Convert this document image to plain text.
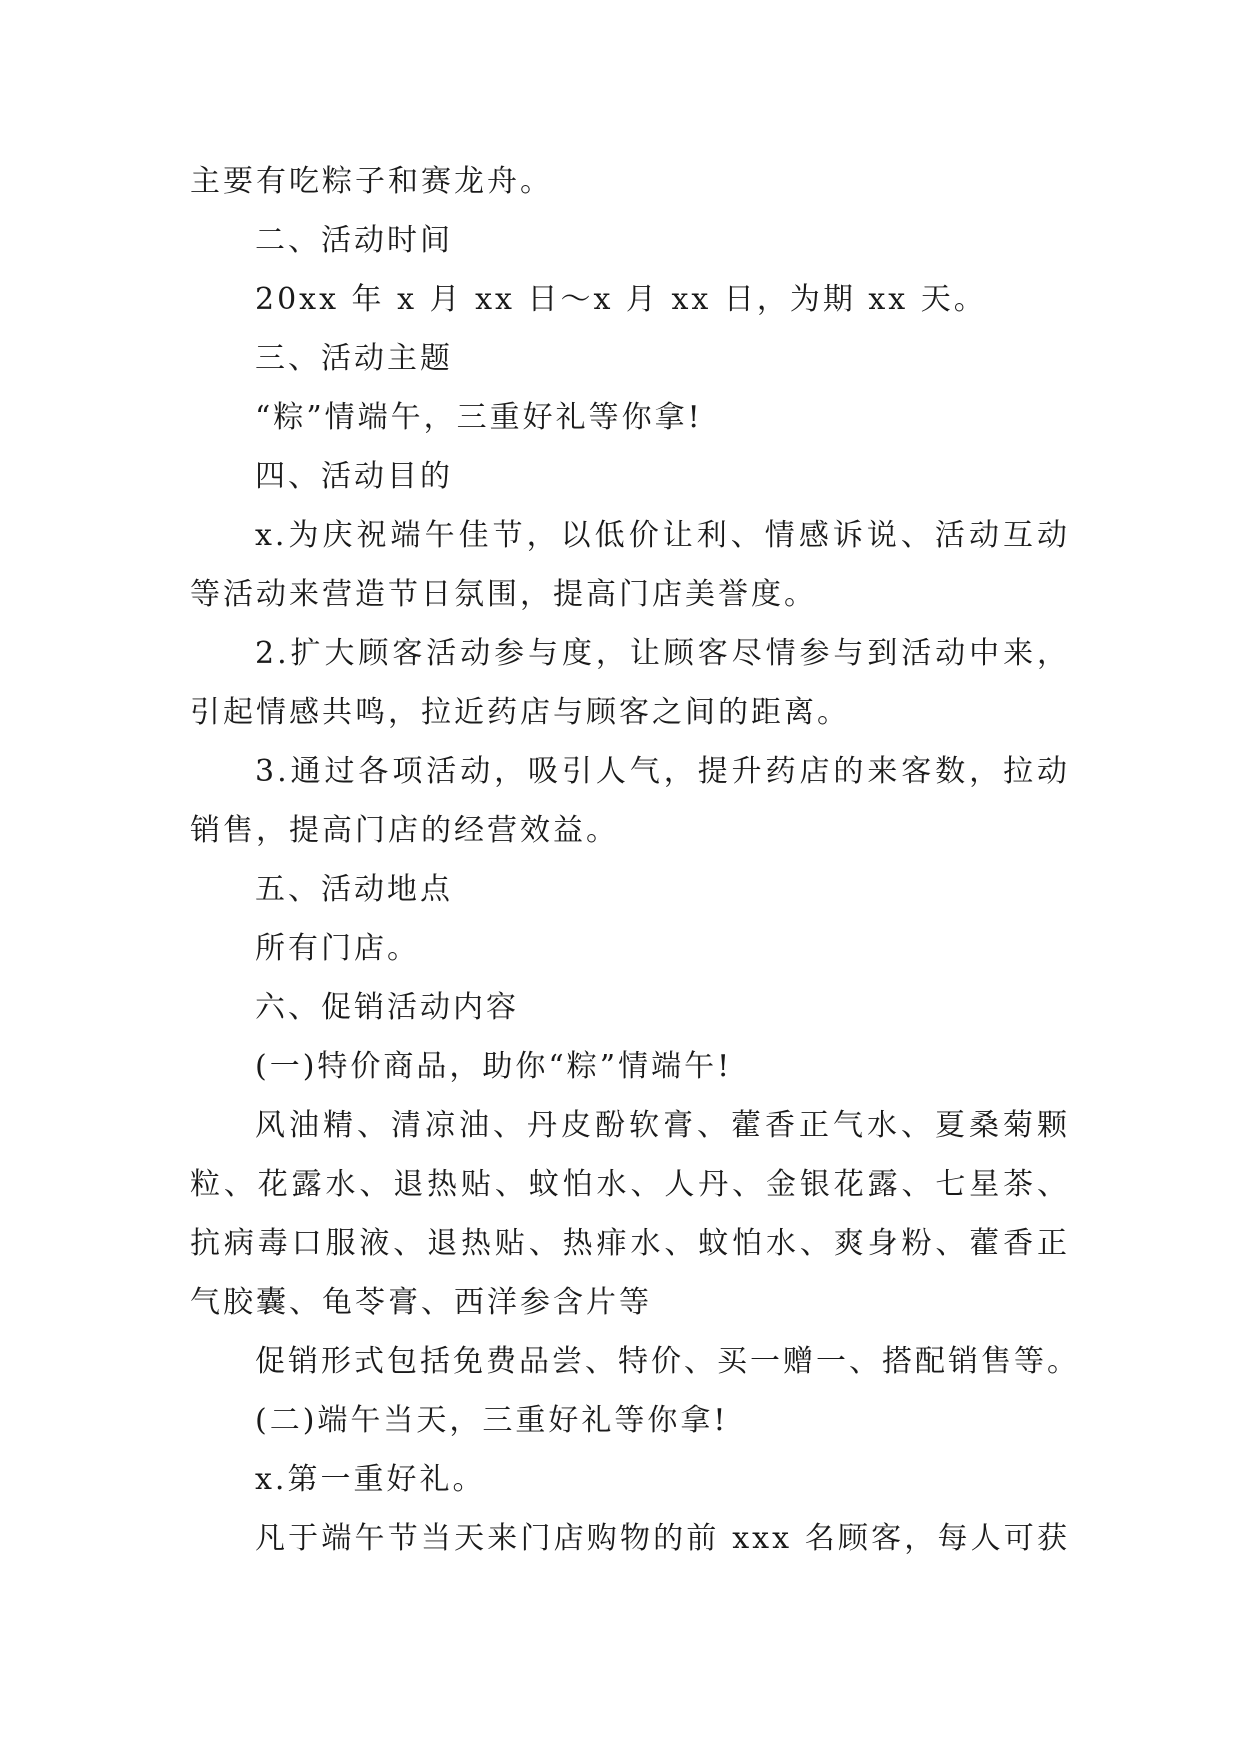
主要有吃粽子和赛龙舟。
二、活动时间
20xx 年 x 月 xx 日～x 月 xx 日，为期 xx 天。
三、活动主题
“粽”情端午，三重好礼等你拿!
四、活动目的
x.为庆祝端午佳节，以低价让利、情感诉说、活动互动
等活动来营造节日氛围，提高门店美誉度。
2.扩大顾客活动参与度，让顾客尽情参与到活动中来，
引起情感共鸣，拉近药店与顾客之间的距离。
3.通过各项活动，吸引人气，提升药店的来客数，拉动
销售，提高门店的经营效益。
五、活动地点
所有门店。
六、促销活动内容
(一)特价商品，助你“粽”情端午!
风油精、清凉油、丹皮酚软膏、藿香正气水、夏桑菊颗
粒、花露水、退热贴、蚊怕水、人丹、金银花露、七星茶、
抗病毒口服液、退热贴、热痱水、蚊怕水、爽身粉、藿香正
气胶囊、龟苓膏、西洋参含片等
促销形式包括免费品尝、特价、买一赠一、搭配销售等。
(二)端午当天，三重好礼等你拿!
x.第一重好礼。
凡于端午节当天来门店购物的前 xxx 名顾客，每人可获
